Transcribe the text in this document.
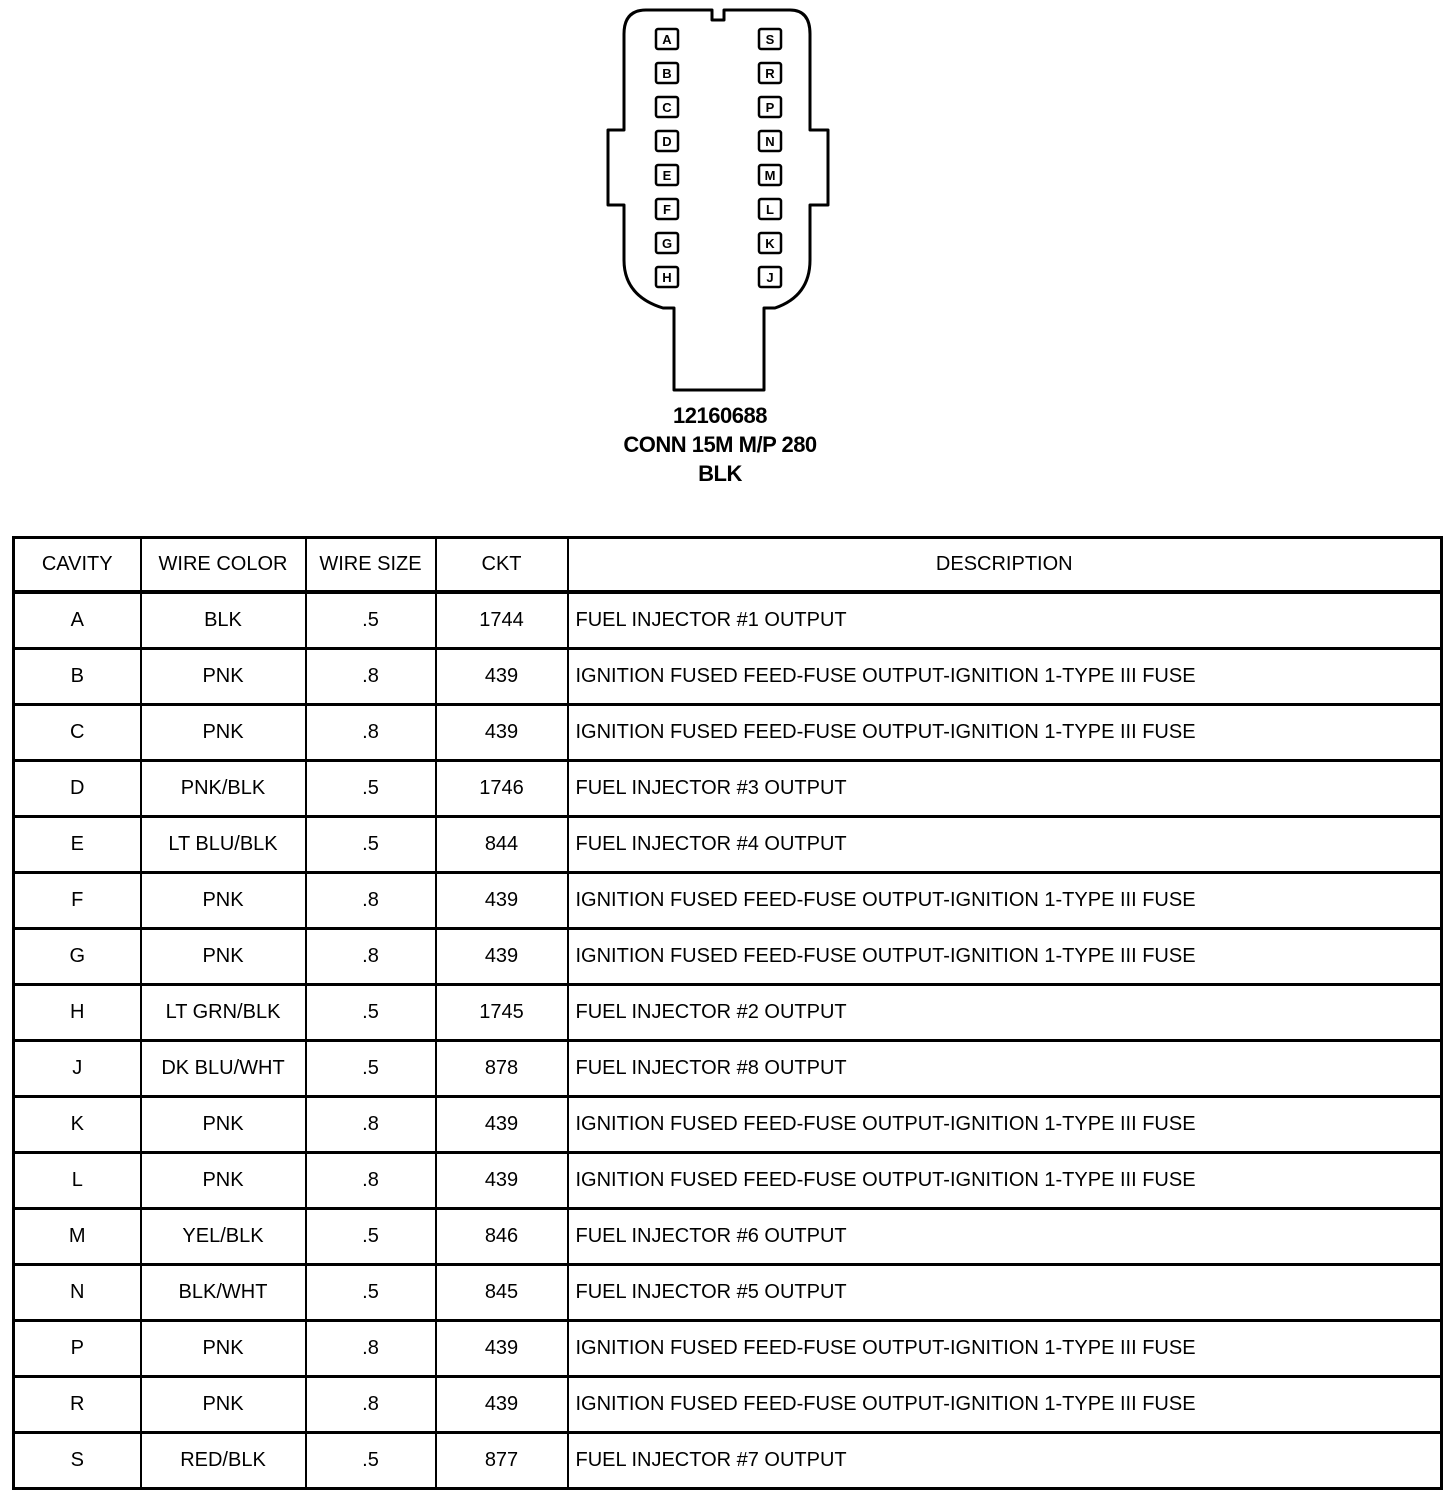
A
B
C
D
E
F
G
H
S
R
P
N
M
L
K
J
12160688
CONN 15M M/P 280
BLK
CAVITY	WIRE COLOR	WIRE SIZE	CKT	DESCRIPTION
A	BLK	.5	1744	FUEL INJECTOR #1 OUTPUT
B	PNK	.8	439	IGNITION FUSED FEED-FUSE OUTPUT-IGNITION 1-TYPE III FUSE
C	PNK	.8	439	IGNITION FUSED FEED-FUSE OUTPUT-IGNITION 1-TYPE III FUSE
D	PNK/BLK	.5	1746	FUEL INJECTOR #3 OUTPUT
E	LT BLU/BLK	.5	844	FUEL INJECTOR #4 OUTPUT
F	PNK	.8	439	IGNITION FUSED FEED-FUSE OUTPUT-IGNITION 1-TYPE III FUSE
G	PNK	.8	439	IGNITION FUSED FEED-FUSE OUTPUT-IGNITION 1-TYPE III FUSE
H	LT GRN/BLK	.5	1745	FUEL INJECTOR #2 OUTPUT
J	DK BLU/WHT	.5	878	FUEL INJECTOR #8 OUTPUT
K	PNK	.8	439	IGNITION FUSED FEED-FUSE OUTPUT-IGNITION 1-TYPE III FUSE
L	PNK	.8	439	IGNITION FUSED FEED-FUSE OUTPUT-IGNITION 1-TYPE III FUSE
M	YEL/BLK	.5	846	FUEL INJECTOR #6 OUTPUT
N	BLK/WHT	.5	845	FUEL INJECTOR #5 OUTPUT
P	PNK	.8	439	IGNITION FUSED FEED-FUSE OUTPUT-IGNITION 1-TYPE III FUSE
R	PNK	.8	439	IGNITION FUSED FEED-FUSE OUTPUT-IGNITION 1-TYPE III FUSE
S	RED/BLK	.5	877	FUEL INJECTOR #7 OUTPUT
